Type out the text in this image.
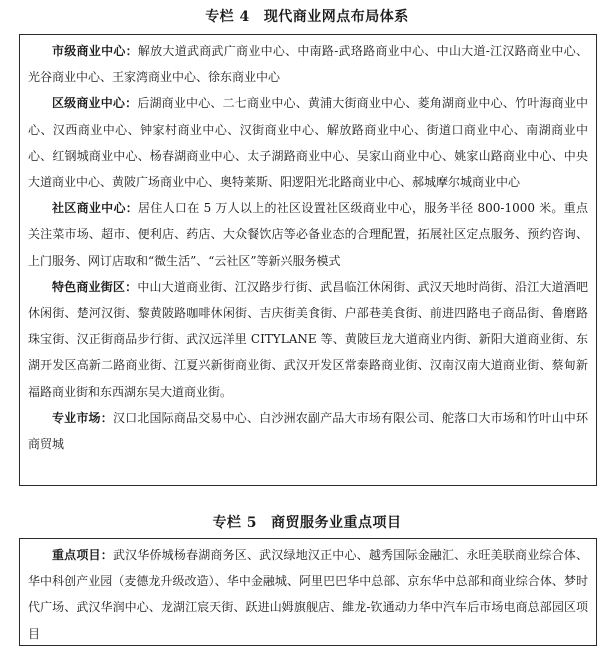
专栏 4 现代商业网点布局体系

市级商业中心：解放大道武商武广商业中心、中南路-武珞路商业中心、中山大道-江汉路商业中心、光谷商业中心、王家湾商业中心、徐东商业中心

区级商业中心：后湖商业中心、二七商业中心、黄浦大街商业中心、菱角湖商业中心、竹叶海商业中心、汉西商业中心、钟家村商业中心、汉街商业中心、解放路商业中心、街道口商业中心、南湖商业中心、红钢城商业中心、杨春湖商业中心、太子湖路商业中心、吴家山商业中心、姚家山路商业中心、中央大道商业中心、黄陂广场商业中心、奥特莱斯、阳逻阳光北路商业中心、郝城摩尔城商业中心

社区商业中心：居住人口在 5 万人以上的社区设置社区级商业中心，服务半径 800-1000 米。重点关注菜市场、超市、便利店、药店、大众餐饮店等必备业态的合理配置，拓展社区定点服务、预约咨询、上门服务、网订店取和“微生活”、“云社区”等新兴服务模式

特色商业街区：中山大道商业街、江汉路步行街、武昌临江休闲街、武汉天地时尚街、沿江大道酒吧休闲街、楚河汉街、黎黄陂路咖啡休闲街、吉庆街美食街、户部巷美食街、前进四路电子商品街、鲁磨路珠宝街、汉正街商品步行街、武汉远洋里 CITYLANE 等、黄陂巨龙大道商业内街、新阳大道商业街、东湖开发区高新二路商业街、江夏兴新街商业街、武汉开发区常泰路商业街、汉南汉南大道商业街、蔡甸新福路商业街和东西湖东吴大道商业街。

专业市场：汉口北国际商品交易中心、白沙洲农副产品大市场有限公司、舵落口大市场和竹叶山中环商贸城

专栏 5 商贸服务业重点项目

重点项目：武汉华侨城杨春湖商务区、武汉绿地汉正中心、越秀国际金融汇、永旺美联商业综合体、华中科创产业园（麦德龙升级改造）、华中金融城、阿里巴巴华中总部、京东华中总部和商业综合体、梦时代广场、武汉华润中心、龙湖江宸天街、跃进山姆旗舰店、維龙-钦通动力华中汽车后市场电商总部园区项目
